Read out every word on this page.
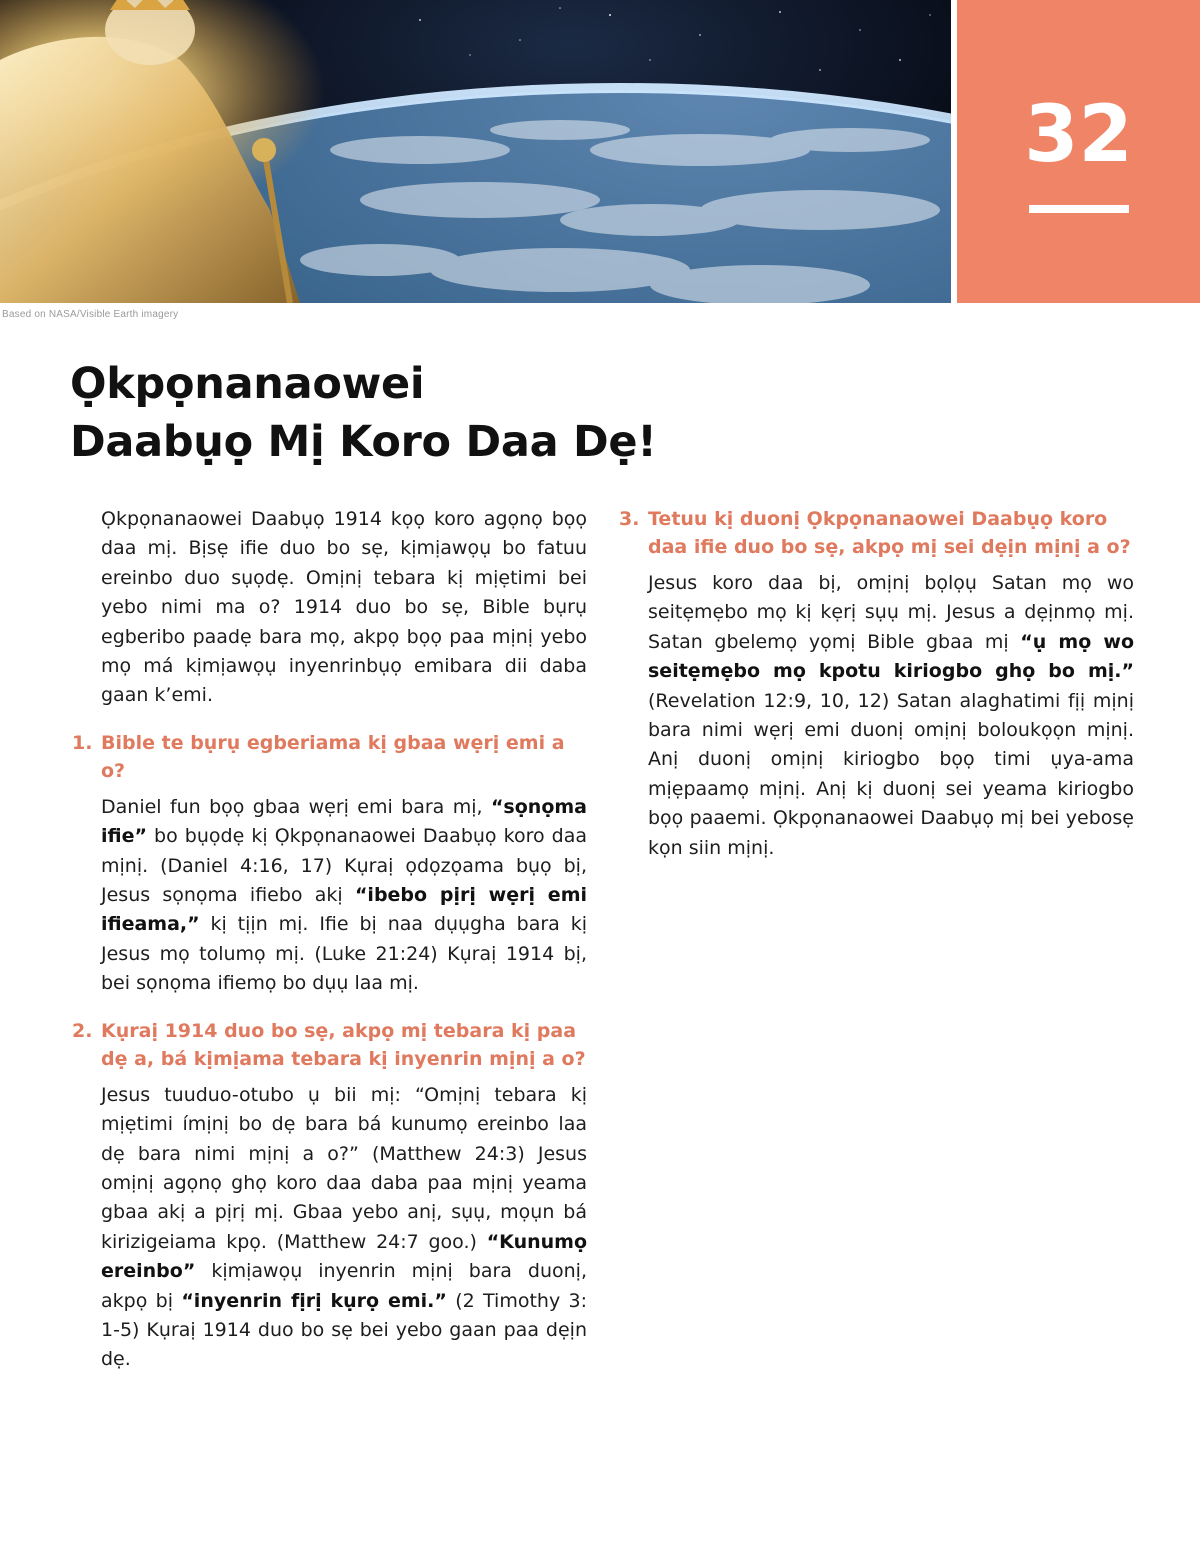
Based on NASA/Visible Earth imagery
32
Ọkpọnanaowei
Daabụọ Mị Koro Daa Dẹ!

Ọkpọnanaowei Daabụọ 1914 kọọ koro agọnọ bọọ daa mị. Bịsẹ ifie duo bo sẹ, kịmịawọụ bo fatuu ereinbo duo sụọdẹ. Omịnị tebara kị mịẹtimi bei yebo nimi ma o? 1914 duo bo sẹ, Bible bụrụ egberibo paadẹ bara mọ, akpọ bọọ paa mịnị yebo mọ má kịmịawọụ inyenrinbụọ emibara dii daba gaan k’emi.

1. Bible te bụrụ egberiama kị gbaa wẹrị emi a o?

Daniel fun bọọ gbaa wẹrị emi bara mị, “sọnọma ifie” bo bụọdẹ kị Ọkpọnanaowei Daabụọ koro daa mịnị. (Daniel 4:16, 17) Kụraị ọdọzọama bụọ bị, Jesus sọnọma ifiebo akị “ibebo pịrị wẹrị emi ifieama,” kị tịịn mị. Ifie bị naa dụụgha bara kị Jesus mọ tolumọ mị. (Luke 21:24) Kụraị 1914 bị, bei sọnọma ifiemọ bo dụụ laa mị.

2. Kụraị 1914 duo bo sẹ, akpọ mị tebara kị paa dẹ a, bá kịmịama tebara kị inyenrin mịnị a o?

Jesus tuuduo-otubo ụ bii mị: “Omịnị tebara kị mịẹtimi ímịnị bo dẹ bara bá kunumọ ereinbo laa dẹ bara nimi mịnị a o?” (Matthew 24:3) Jesus omịnị agọnọ ghọ koro daa daba paa mịnị yeama gbaa akị a pịrị mị. Gbaa yebo anị, sụụ, mọụn bá kirizigeiama kpọ. (Matthew 24:7 goo.) “Kunumọ ereinbo” kịmịawọụ inyenrin mịnị bara duonị, akpọ bị “inyenrin fịrị kụrọ emi.” (2 Timothy 3: 1-5) Kụraị 1914 duo bo sẹ bei yebo gaan paa dẹịn dẹ.

3. Tetuu kị duonị Ọkpọnanaowei Daabụọ koro daa ifie duo bo sẹ, akpọ mị sei dẹịn mịnị a o?

Jesus koro daa bị, omịnị bọlọụ Satan mọ wo seitẹmẹbo mọ kị kẹrị sụụ mị. Jesus a dẹịnmọ mị. Satan gbelemọ yọmị Bible gbaa mị “ụ mọ wo seitẹmẹbo mọ kpotu kiriogbo ghọ bo mị.” (Revelation 12:9, 10, 12) Satan alaghatimi fịị mịnị bara nimi wẹrị emi duonị omịnị bolouk​ọọn mịnị. Anị duonị omịnị kiriogbo bọọ timi ụya-ama mịẹpaamọ mịnị. Anị kị duonị sei yeama kiriogbo bọọ paaemi. Ọkpọnanaowei Daabụọ mị bei yebosẹ kọn siin mịnị.
